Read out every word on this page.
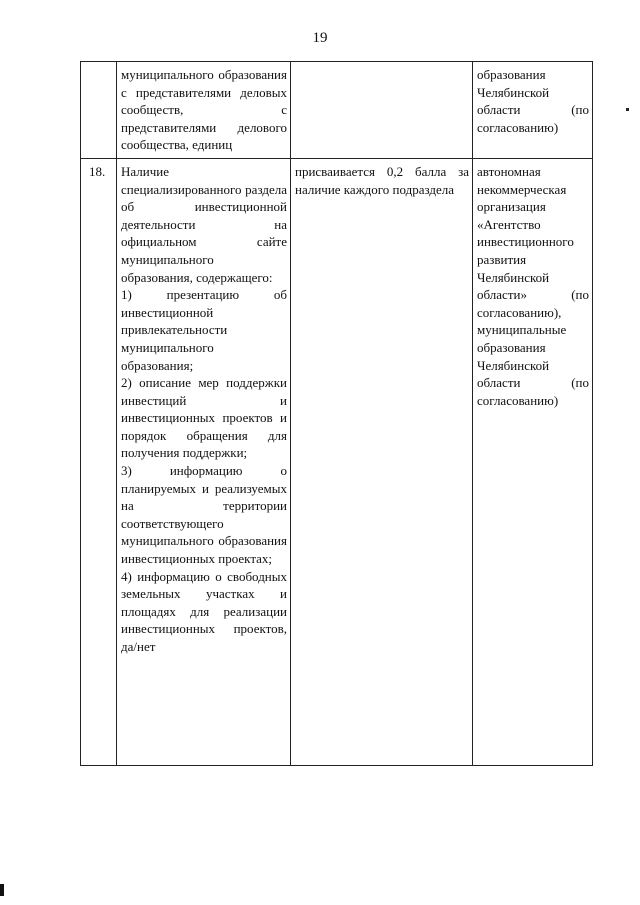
19
	муниципального образования с представителями деловых сообществ, с представителями делового сообщества, единиц		образования Челябинской области (по согласованию)
18.	Наличие специализированного раздела об инвестиционной деятельности на официальном сайте муниципального образования, содержащего:
1) презентацию об инвестиционной привлекательности муниципального образования;
2) описание мер поддержки инвестиций и инвестиционных проектов и порядок обращения для получения поддержки;
3) информацию о планируемых и реализуемых на территории соответствующего муниципального образования инвестиционных проектах;
4) информацию о свободных земельных участках и площадях для реализации инвестиционных проектов, да/нет	присваивается 0,2 балла за наличие каждого подраздела	автономная некоммерческая организация «Агентство инвестиционного развития Челябинской области» (по согласованию), муниципальные образования Челябинской области (по согласованию)
